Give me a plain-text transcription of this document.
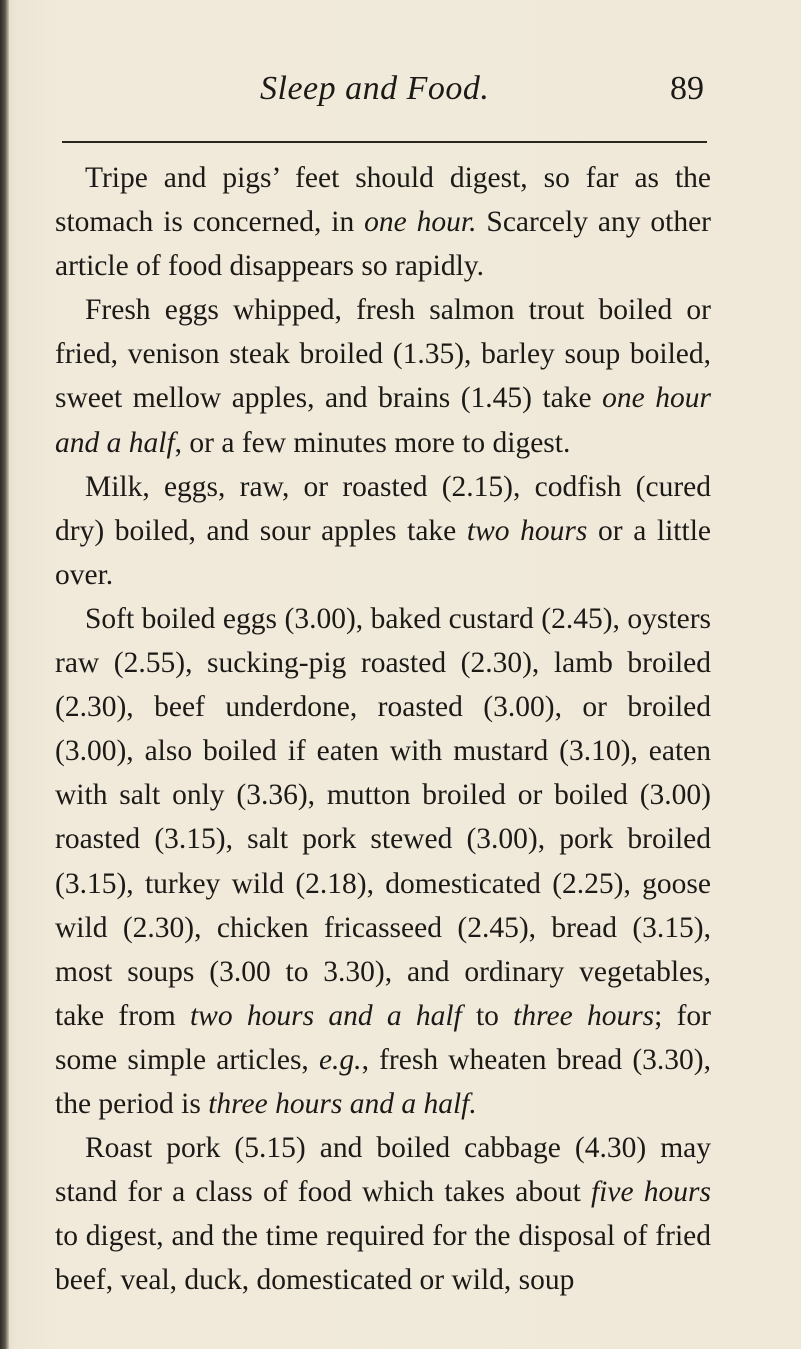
Sleep and Food.	89

Tripe and pigs’ feet should digest, so far as the stomach is concerned, in one hour. Scarcely any other article of food disappears so rapidly.

Fresh eggs whipped, fresh salmon trout boiled or fried, venison steak broiled (1.35), barley soup boiled, sweet mellow apples, and brains (1.45) take one hour and a half, or a few minutes more to digest.

Milk, eggs, raw, or roasted (2.15), codfish (cured dry) boiled, and sour apples take two hours or a little over.

Soft boiled eggs (3.00), baked custard (2.45), oysters raw (2.55), sucking-pig roasted (2.30), lamb broiled (2.30), beef underdone, roasted (3.00), or broiled (3.00), also boiled if eaten with mustard (3.10), eaten with salt only (3.36), mutton broiled or boiled (3.00) roasted (3.15), salt pork stewed (3.00), pork broiled (3.15), turkey wild (2.18), domesticated (2.25), goose wild (2.30), chicken fricasseed (2.45), bread (3.15), most soups (3.00 to 3.30), and ordinary vegetables, take from two hours and a half to three hours; for some simple articles, e.g., fresh wheaten bread (3.30), the period is three hours and a half.

Roast pork (5.15) and boiled cabbage (4.30) may stand for a class of food which takes about five hours to digest, and the time required for the disposal of fried beef, veal, duck, domesticated or wild, soup
